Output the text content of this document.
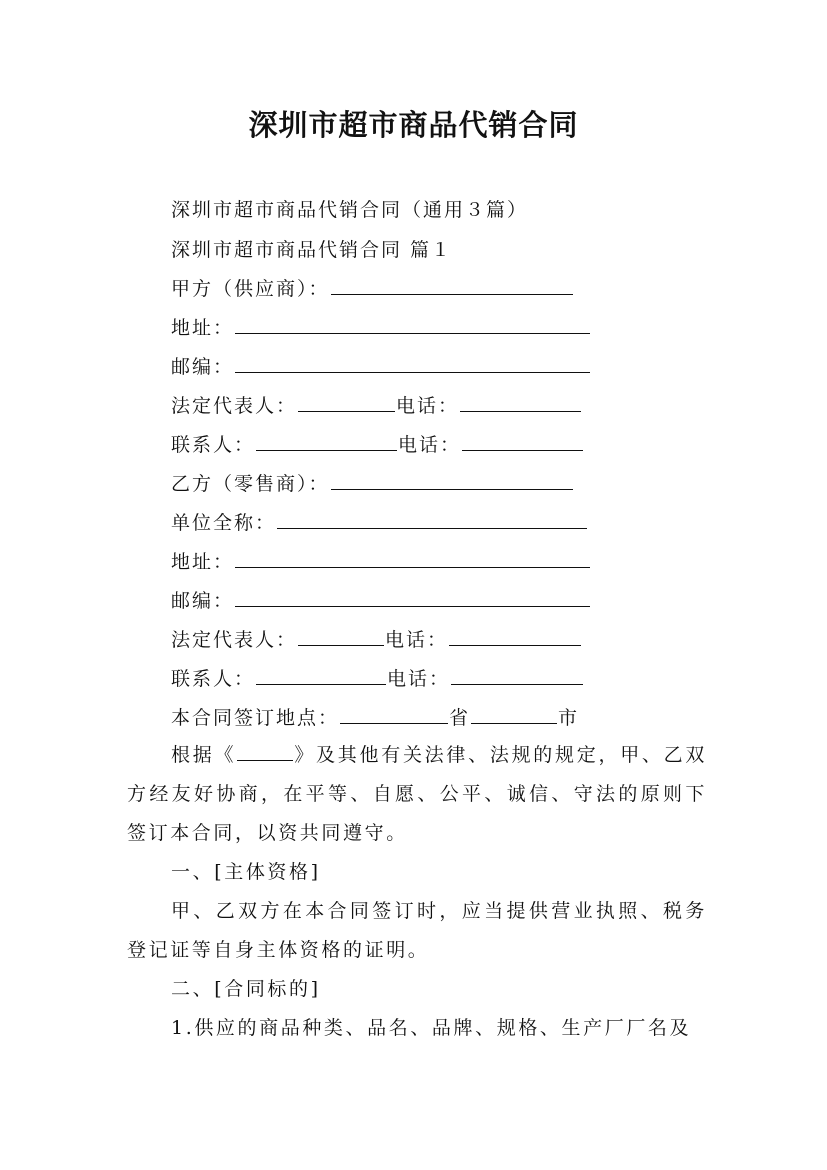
深圳市超市商品代销合同
深圳市超市商品代销合同（通用３篇）
深圳市超市商品代销合同 篇１
甲方（供应商）：
地址：
邮编：
法定代表人：	电话：
联系人：	电话：
乙方（零售商）：
单位全称：
地址：
邮编：
法定代表人：	电话：
联系人：	电话：
本合同签订地点：	省	市
根据《	》及其他有关法律、法规的规定，甲、乙双方经友好协商，在平等、自愿、公平、诚信、守法的原则下签订本合同，以资共同遵守。
一、[主体资格]
甲、乙双方在本合同签订时，应当提供营业执照、税务登记证等自身主体资格的证明。
二、[合同标的]
1.供应的商品种类、品名、品牌、规格、生产厂厂名及
